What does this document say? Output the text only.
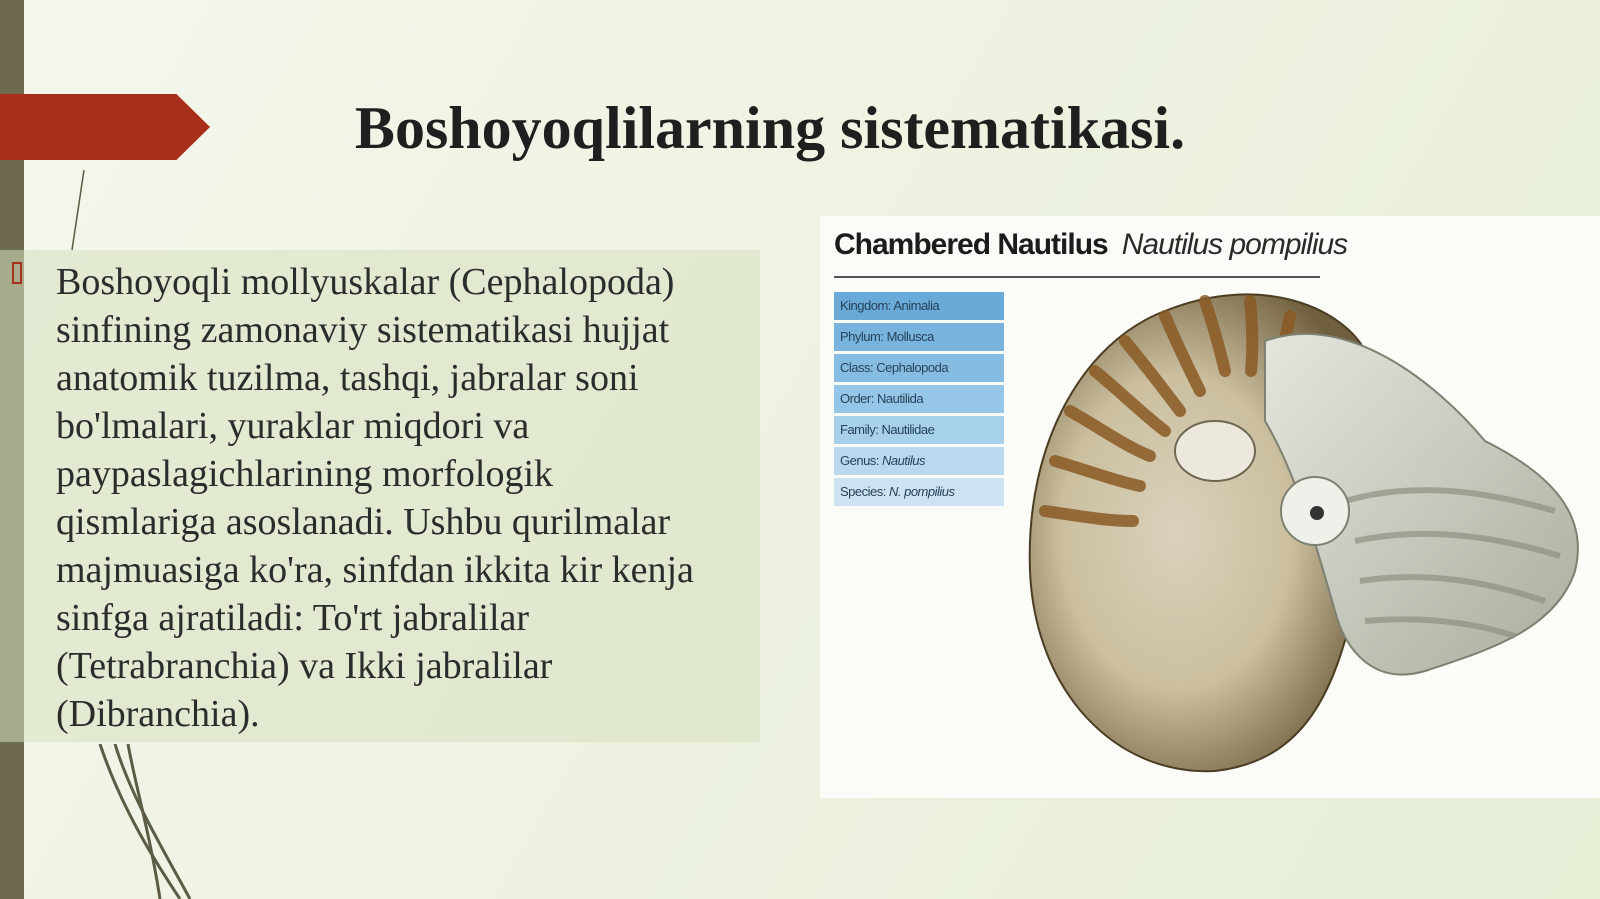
Boshoyoqlilarning sistematikasi.
Boshoyoqli mollyuskalar (Cephalopoda)
sinfining zamonaviy sistematikasi hujjat
anatomik tuzilma, tashqi, jabralar soni
bo'lmalari, yuraklar miqdori va
paypaslagichlarining morfologik
qismlariga asoslanadi. Ushbu qurilmalar
majmuasiga ko'ra, sinfdan ikkita kir kenja
sinfga ajratiladi: To'rt jabralilar
(Tetrabranchia) va Ikki jabralilar
(Dibranchia).
Chambered Nautilus Nautilus pompilius
Kingdom: Animalia
Phylum: Mollusca
Class: Cephalopoda
Order: Nautilida
Family: Nautilidae
Genus: Nautilus
Species: N. pompilius
